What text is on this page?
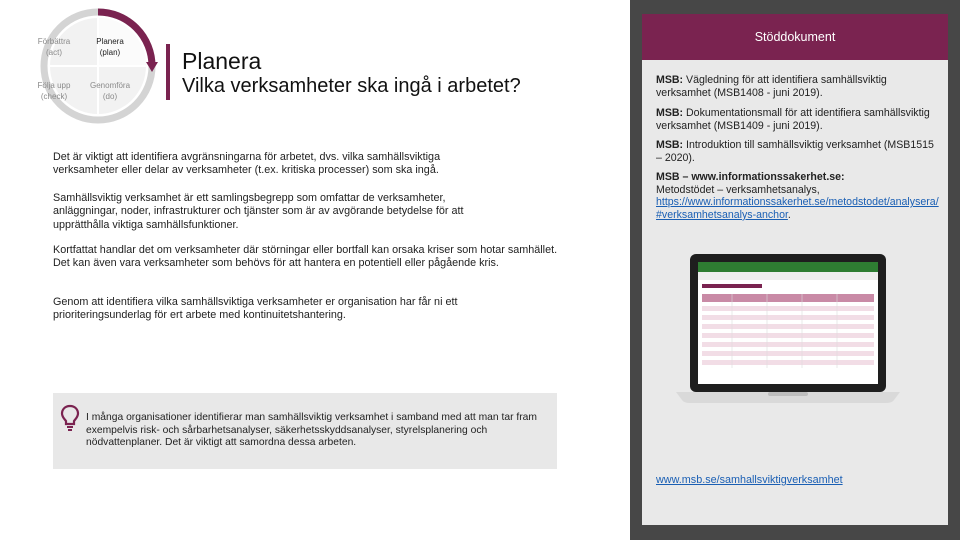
Förbättra
(act)
Planera
(plan)
Följa upp
(check)
Genomföra
(do)
Planera
Vilka verksamheter ska ingå i arbetet?
Det är viktigt att identifiera avgränsningarna för arbetet, dvs. vilka samhällsviktiga verksamheter eller delar av verksamheter (t.ex. kritiska processer) som ska ingå.
Samhällsviktig verksamhet är ett samlingsbegrepp som omfattar de verksamheter, anläggningar, noder, infrastrukturer och tjänster som är av avgörande betydelse för att upprätthålla viktiga samhällsfunktioner.
Kortfattat handlar det om verksamheter där störningar eller bortfall kan orsaka kriser som hotar samhället. Det kan även vara verksamheter som behövs för att hantera en potentiell eller pågående kris.
Genom att identifiera vilka samhällsviktiga verksamheter er organisation har får ni ett prioriteringsunderlag för ert arbete med kontinuitetshantering.
I många organisationer identifierar man samhällsviktig verksamhet i samband med att man tar fram exempelvis risk- och sårbarhetsanalyser, säkerhetsskyddsanalyser, styrelsplanering och nödvattenplaner. Det är viktigt att samordna dessa arbeten.
Stöddokument
MSB: Vägledning för att identifiera samhällsviktig verksamhet (MSB1408 - juni 2019).
MSB: Dokumentationsmall för att identifiera samhällsviktig verksamhet (MSB1409 - juni 2019).
MSB: Introduktion till samhällsviktig verksamhet (MSB1515 – 2020).
MSB – www.informationssakerhet.se:
Metodstödet – verksamhetsanalys,
https://www.informationssakerhet.se/metodstodet/analysera/#verksamhetsanalys-anchor.
www.msb.se/samhallsviktigverksamhet
